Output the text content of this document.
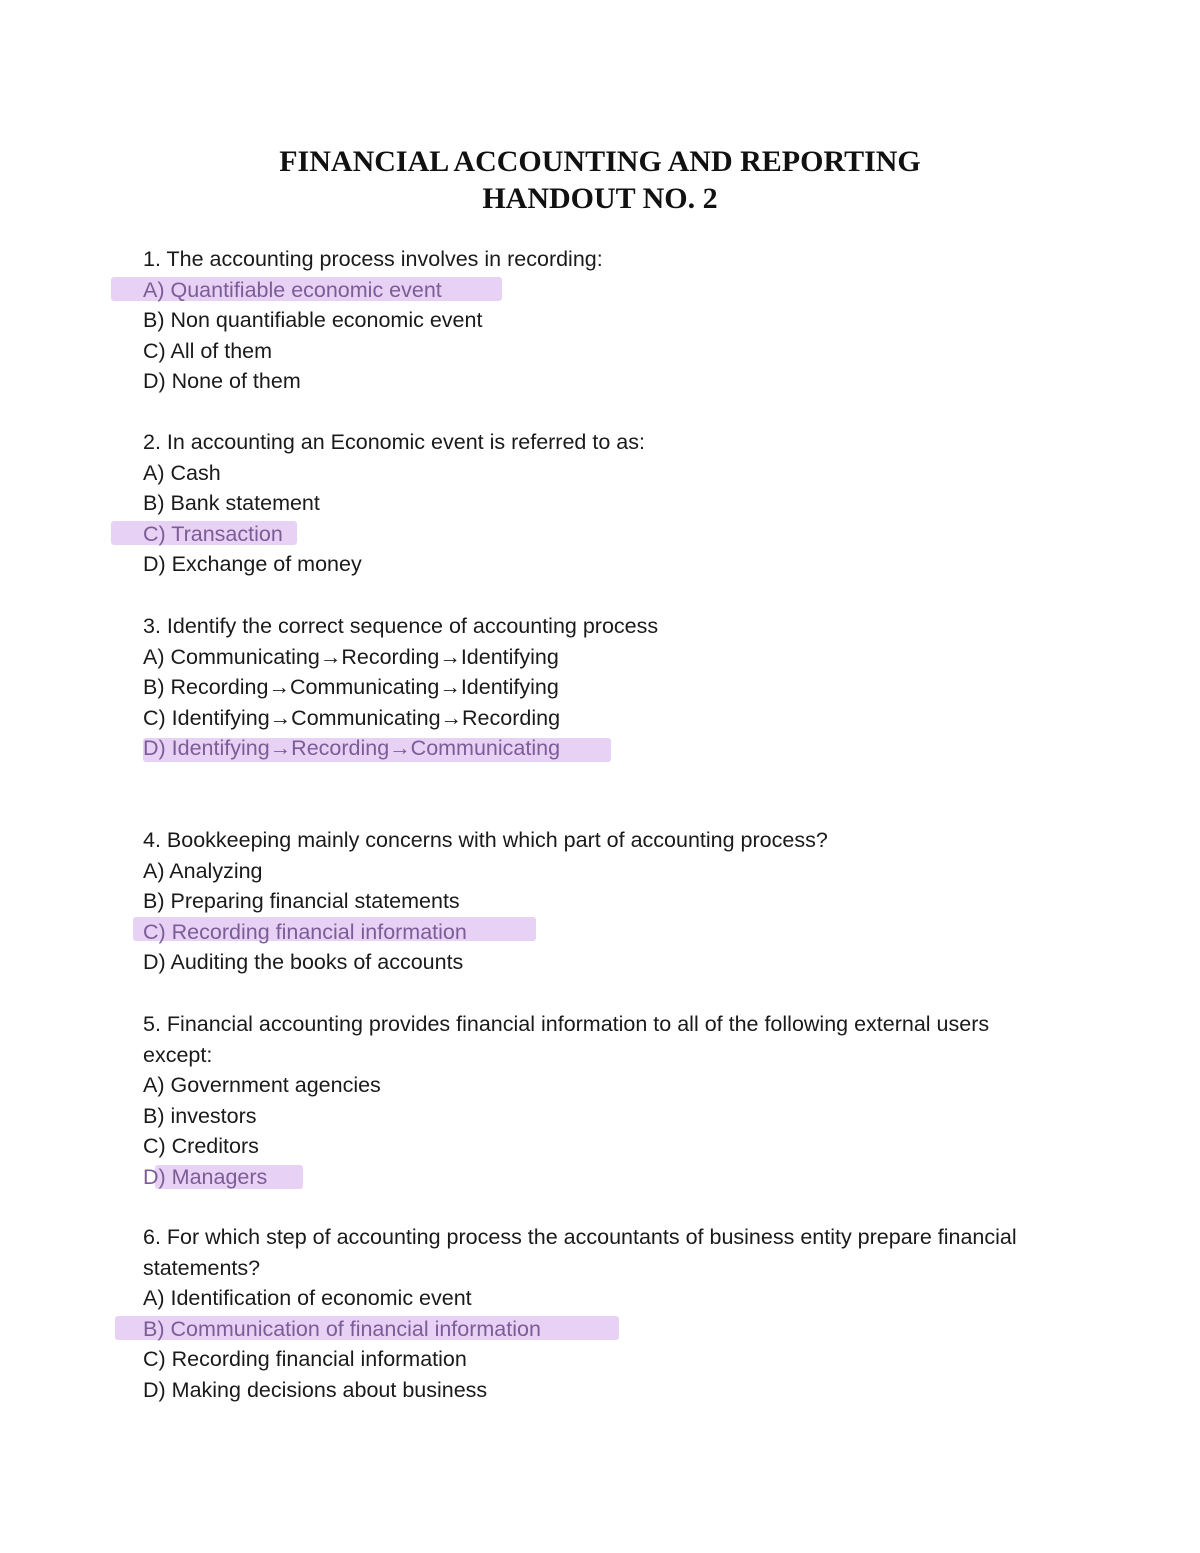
FINANCIAL ACCOUNTING AND REPORTING
HANDOUT NO. 2
1. The accounting process involves in recording:
A) Quantifiable economic event
B) Non quantifiable economic event
C) All of them
D) None of them
2. In accounting an Economic event is referred to as:
A) Cash
B) Bank statement
C) Transaction
D) Exchange of money
3. Identify the correct sequence of accounting process
A) Communicating→Recording→Identifying
B) Recording→Communicating→Identifying
C) Identifying→Communicating→Recording
D) Identifying→Recording→Communicating
4. Bookkeeping mainly concerns with which part of accounting process?
A) Analyzing
B) Preparing financial statements
C) Recording financial information
D) Auditing the books of accounts
5. Financial accounting provides financial information to all of the following external users except:
A) Government agencies
B) investors
C) Creditors
D) Managers
6. For which step of accounting process the accountants of business entity prepare financial statements?
A) Identification of economic event
B) Communication of financial information
C) Recording financial information
D) Making decisions about business
